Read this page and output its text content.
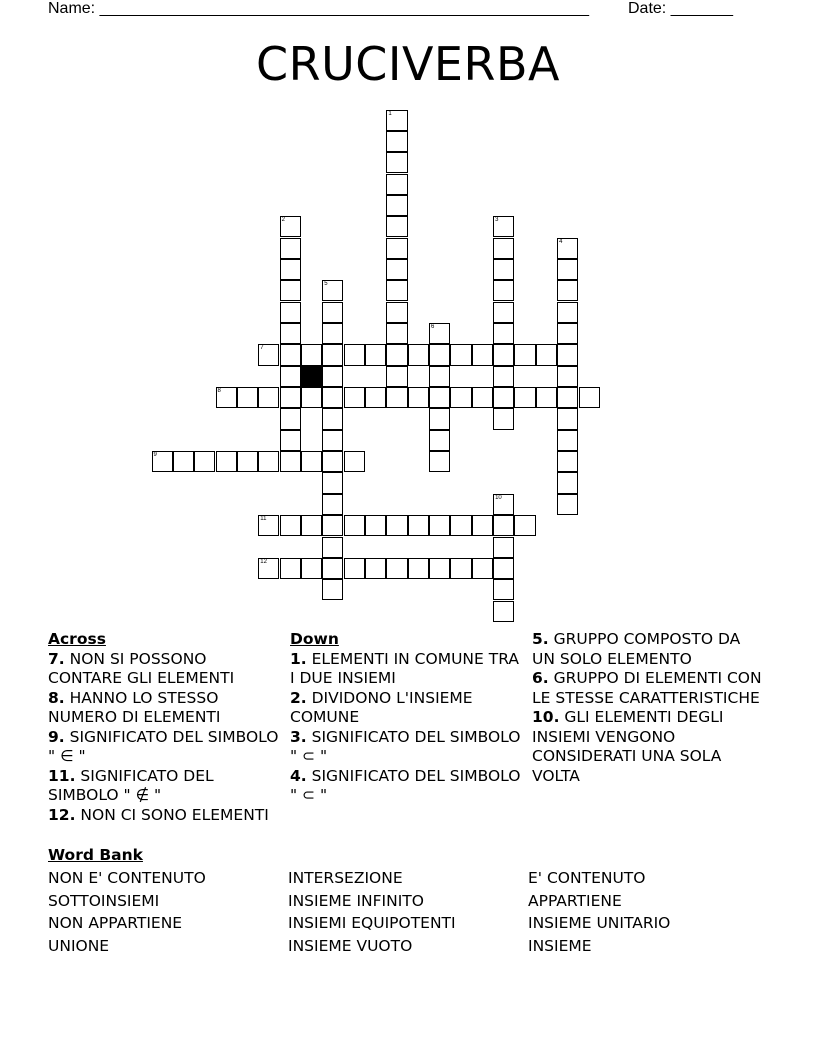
Name: _______________________________________________________ Date: _______
CRUCIVERBA
1
2	3
4
5
6
10
7
8
9
11
12
Across
7. NON SI POSSONO CONTARE GLI ELEMENTI
8. HANNO LO STESSO NUMERO DI ELEMENTI
9. SIGNIFICATO DEL SIMBOLO " ∈ "
11. SIGNIFICATO DEL SIMBOLO " ∉ "
12. NON CI SONO ELEMENTI
Down
1. ELEMENTI IN COMUNE TRA I DUE INSIEMI
2. DIVIDONO L'INSIEME COMUNE
3. SIGNIFICATO DEL SIMBOLO " ⊂ "
4. SIGNIFICATO DEL SIMBOLO " ⊂ "
5. GRUPPO COMPOSTO DA UN SOLO ELEMENTO
6. GRUPPO DI ELEMENTI CON LE STESSE CARATTERISTICHE
10. GLI ELEMENTI DEGLI INSIEMI VENGONO CONSIDERATI UNA SOLA VOLTA
Word Bank
NON E' CONTENUTO
SOTTOINSIEMI
NON APPARTIENE
UNIONE
INTERSEZIONE
INSIEME INFINITO
INSIEMI EQUIPOTENTI
INSIEME VUOTO
E' CONTENUTO
APPARTIENE
INSIEME UNITARIO
INSIEME
